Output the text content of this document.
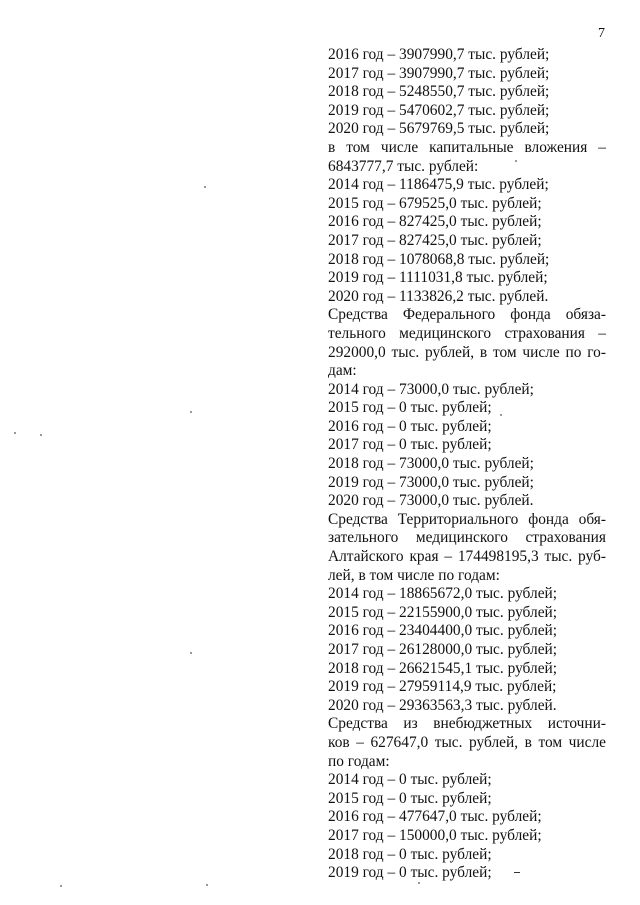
7
2016 год – 3907990,7 тыс. рублей;
2017 год – 3907990,7 тыс. рублей;
2018 год – 5248550,7 тыс. рублей;
2019 год – 5470602,7 тыс. рублей;
2020 год – 5679769,5 тыс. рублей;
в том числе капитальные вложения –
6843777,7 тыс. рублей:
2014 год – 1186475,9 тыс. рублей;
2015 год – 679525,0 тыс. рублей;
2016 год – 827425,0 тыс. рублей;
2017 год – 827425,0 тыс. рублей;
2018 год – 1078068,8 тыс. рублей;
2019 год – 1111031,8 тыс. рублей;
2020 год – 1133826,2 тыс. рублей.
Средства Федерального фонда обяза-
тельного медицинского страхования –
292000,0 тыс. рублей, в том числе по го-
дам:
2014 год – 73000,0 тыс. рублей;
2015 год – 0 тыс. рублей;
2016 год – 0 тыс. рублей;
2017 год – 0 тыс. рублей;
2018 год – 73000,0 тыс. рублей;
2019 год – 73000,0 тыс. рублей;
2020 год – 73000,0 тыс. рублей.
Средства Территориального фонда обя-
зательного медицинского страхования
Алтайского края – 174498195,3 тыс. руб-
лей, в том числе по годам:
2014 год – 18865672,0 тыс. рублей;
2015 год – 22155900,0 тыс. рублей;
2016 год – 23404400,0 тыс. рублей;
2017 год – 26128000,0 тыс. рублей;
2018 год – 26621545,1 тыс. рублей;
2019 год – 27959114,9 тыс. рублей;
2020 год – 29363563,3 тыс. рублей.
Средства из внебюджетных источни-
ков – 627647,0 тыс. рублей, в том числе
по годам:
2014 год – 0 тыс. рублей;
2015 год – 0 тыс. рублей;
2016 год – 477647,0 тыс. рублей;
2017 год – 150000,0 тыс. рублей;
2018 год – 0 тыс. рублей;
2019 год – 0 тыс. рублей;
